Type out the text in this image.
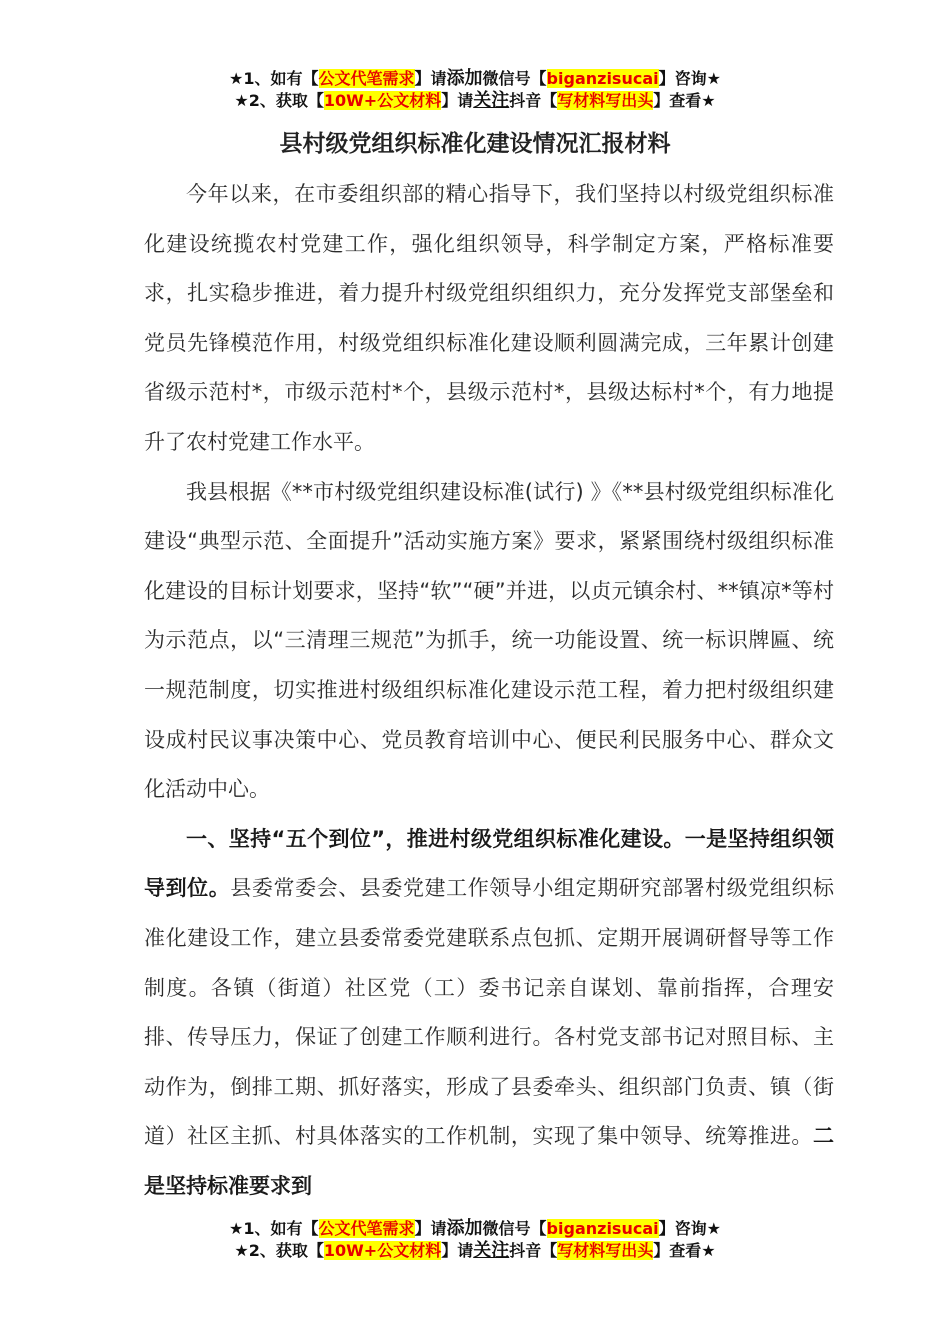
★1、如有【公文代笔需求】请添加微信号【biganzisucai】咨询★
★2、获取【10W+公文材料】请关注抖音【写材料写出头】查看★
县村级党组织标准化建设情况汇报材料

今年以来，在市委组织部的精心指导下，我们坚持以村级党组织标准化建设统揽农村党建工作，强化组织领导，科学制定方案，严格标准要求，扎实稳步推进，着力提升村级党组织组织力，充分发挥党支部堡垒和党员先锋模范作用，村级党组织标准化建设顺利圆满完成，三年累计创建省级示范村*，市级示范村*个，县级示范村*，县级达标村*个，有力地提升了农村党建工作水平。

我县根据《**市村级党组织建设标准(试行) 》《**县村级党组织标准化建设“典型示范、全面提升”活动实施方案》要求，紧紧围绕村级组织标准化建设的目标计划要求，坚持“软”“硬”并进，以贞元镇余村、**镇凉*等村为示范点，以“三清理三规范”为抓手，统一功能设置、统一标识牌匾、统一规范制度，切实推进村级组织标准化建设示范工程，着力把村级组织建设成村民议事决策中心、党员教育培训中心、便民利民服务中心、群众文化活动中心。

一、坚持“五个到位”，推进村级党组织标准化建设。一是坚持组织领导到位。县委常委会、县委党建工作领导小组定期研究部署村级党组织标准化建设工作，建立县委常委党建联系点包抓、定期开展调研督导等工作制度。各镇（街道）社区党（工）委书记亲自谋划、靠前指挥，合理安排、传导压力，保证了创建工作顺利进行。各村党支部书记对照目标、主动作为，倒排工期、抓好落实，形成了县委牵头、组织部门负责、镇（街道）社区主抓、村具体落实的工作机制，实现了集中领导、统筹推进。二是坚持标准要求到

★1、如有【公文代笔需求】请添加微信号【biganzisucai】咨询★
★2、获取【10W+公文材料】请关注抖音【写材料写出头】查看★
